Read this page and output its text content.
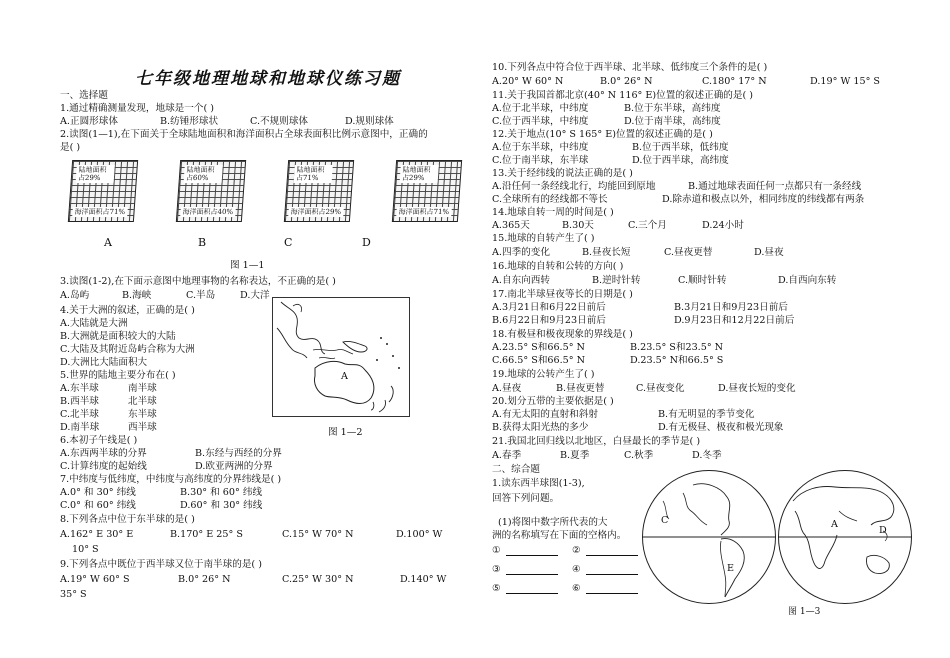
七年级地理地球和地球仪练习题
一、选择题
1.通过精确测量发现，地球是一个( )
A.正圆形球体	B.纺锤形球状	C.不规则球体	D.规则球体
2.读图(1—1),在下面关于全球陆地面积和海洋面积占全球表面积比例示意图中，正确的
是( )
陆地面积占29%
海洋面积占71%
陆地面积占60%
海洋面积占40%
陆地面积占71%
海洋面积占29%
陆地面积占29%
海洋面积占71%
A	B	C	D
图 1—1
3.读图(1-2),在下面示意图中地理事物的名称表达，不正确的是( )
A.岛屿	B.海峡	C.半岛	D.大洋
A
图 1—2
4.关于大洲的叙述，正确的是( )
A.大陆就是大洲
B.大洲就是面积较大的大陆
C.大陆及其附近岛屿合称为大洲
D.大洲比大陆面积大
5.世界的陆地主要分布在( )
A.东半球	南半球
B.西半球	北半球
C.北半球	东半球
D.南半球	西半球
6.本初子午线是( )
A.东西两半球的分界	B.东经与西经的分界
C.计算纬度的起始线	D.欧亚两洲的分界
7.中纬度与低纬度，中纬度与高纬度的分界纬线是( )
A.0° 和 30° 纬线	B.30° 和 60° 纬线
C.0° 和 60° 纬线	D.60° 和 30° 纬线
8.下列各点中位于东半球的是( )
A.162° E 30° E	B.170° E 25° S	C.15° W 70° N	D.100° W
10° S
9.下列各点中既位于西半球又位于南半球的是( )
A.19° W 60° S	B.0° 26° N	C.25° W 30° N	D.140° W
35° S
10.下列各点中符合位于西半球、北半球、低纬度三个条件的是( )
A.20° W 60° N	B.0° 26° N	C.180° 17° N	D.19° W 15° S
11.关于我国首都北京(40° N 116° E)位置的叙述正确的是( )
A.位于北半球，中纬度	B.位于东半球，高纬度
C.位于西半球，中纬度	D.位于南半球，高纬度
12.关于地点(10° S 165° E)位置的叙述正确的是( )
A.位于东半球，中纬度	B.位于西半球，低纬度
C.位于南半球，东半球	D.位于西半球，高纬度
13.关于经纬线的说法正确的是( )
A.沿任何一条经线北行，均能回到原地	B.通过地球表面任何一点都只有一条经线
C.全球所有的经线都不等长	D.除赤道和极点以外，相同纬度的纬线都有两条
14.地球自转一周的时间是( )
A.365天	B.30天	C.三个月	D.24小时
15.地球的自转产生了( )
A.四季的变化	B.昼夜长短	C.昼夜更替	D.昼夜
16.地球的自转和公转的方向( )
A.自东向西转	B.逆时针转	C.顺时针转	D.自西向东转
17.南北半球昼夜等长的日期是( )
A.3月21日和6月22日前后	B.3月21日和9月23日前后
B.6月22日和9月23日前后	D.9月23日和12月22日前后
18.有极昼和极夜现象的界线是( )
A.23.5° S和66.5° N	B.23.5° S和23.5° N
C.66.5° S和66.5° N	D.23.5° N和66.5° S
19.地球的公转产生了( )
A.昼夜	B.昼夜更替	C.昼夜变化	D.昼夜长短的变化
20.划分五带的主要依据是( )
A.有无太阳的直射和斜射	B.有无明显的季节变化
B.获得太阳光热的多少	D.有无极昼、极夜和极光现象
21.我国北回归线以北地区，白昼最长的季节是( )
A.春季	B.夏季	C.秋季	D.冬季
二、综合题
1.读东西半球图(1-3),
回答下列问题。
(1)将图中数字所代表的大
洲的名称填写在下面的空格内。
①	②
③	④
⑤	⑥
C
E
A
D
图 1—3
